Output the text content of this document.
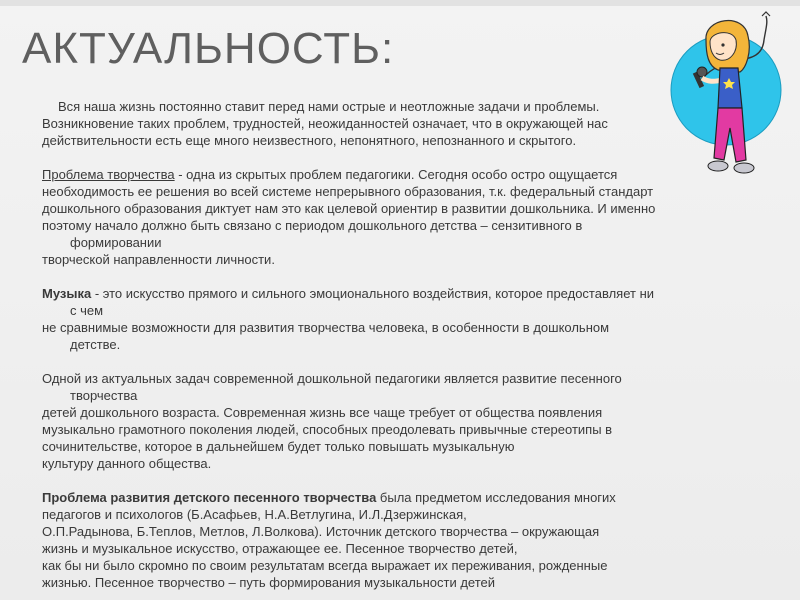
АКТУАЛЬНОСТЬ:
Вся наша жизнь постоянно ставит перед нами острые и неотложные задачи и проблемы.
Возникновение таких проблем, трудностей, неожиданностей означает, что в окружающей нас
действительности есть еще много неизвестного, непонятного, непознанного и скрытого.
Проблема творчества - одна из скрытых проблем педагогики. Сегодня особо остро ощущается
необходимость ее решения во всей системе непрерывного образования, т.к. федеральный стандарт
дошкольного образования диктует нам это как целевой ориентир в развитии дошкольника. И именно
поэтому начало должно быть связано с периодом дошкольного детства – сензитивного в
формировании
творческой направленности личности.
Музыка - это искусство прямого и сильного эмоционального воздействия, которое предоставляет ни
с чем
не сравнимые возможности для развития творчества человека, в особенности в дошкольном
детстве.
Одной из актуальных задач современной дошкольной педагогики является развитие песенного
творчества
детей дошкольного возраста. Современная жизнь все чаще требует от общества появления
музыкально грамотного поколения людей, способных преодолевать привычные стереотипы в
сочинительстве, которое в дальнейшем будет только повышать музыкальную
культуру данного общества.
Проблема развития детского песенного творчества была предметом исследования многих
педагогов и психологов (Б.Асафьев, Н.А.Ветлугина, И.Л.Дзержинская,
О.П.Радынова, Б.Теплов, Метлов, Л.Волкова). Источник детского творчества – окружающая
жизнь и музыкальное искусство, отражающее ее. Песенное творчество детей,
как бы ни было скромно по своим результатам всегда выражает их переживания, рожденные
жизнью. Песенное творчество – путь формирования музыкальности детей
